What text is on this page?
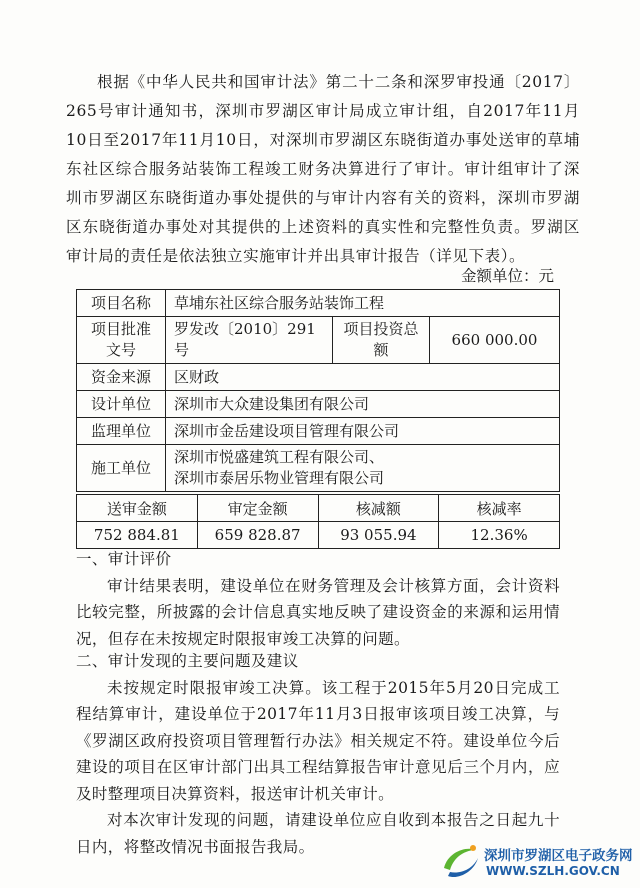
根据《中华人民共和国审计法》第二十二条和深罗审投通〔2017〕265号审计通知书，深圳市罗湖区审计局成立审计组，自2017年11月10日至2017年11月10日，对深圳市罗湖区东晓街道办事处送审的草埔东社区综合服务站装饰工程竣工财务决算进行了审计。审计组审计了深圳市罗湖区东晓街道办事处提供的与审计内容有关的资料，深圳市罗湖区东晓街道办事处对其提供的上述资料的真实性和完整性负责。罗湖区审计局的责任是依法独立实施审计并出具审计报告（详见下表）。

金额单位：元
项目名称	草埔东社区综合服务站装饰工程		
项目批准文号	罗发改〔2010〕291号	项目投资总额	660 000.00
资金来源	区财政		
设计单位	深圳市大众建设集团有限公司		
监理单位	深圳市金岳建设项目管理有限公司		
施工单位	深圳市悦盛建筑工程有限公司、
深圳市泰居乐物业管理有限公司		
送审金额	审定金额	核减额	核减率
752 884.81	659 828.87	93 055.94	12.36%

一、审计评价

审计结果表明，建设单位在财务管理及会计核算方面，会计资料比较完整，所披露的会计信息真实地反映了建设资金的来源和运用情况，但存在未按规定时限报审竣工决算的问题。

二、审计发现的主要问题及建议

未按规定时限报审竣工决算。该工程于2015年5月20日完成工程结算审计，建设单位于2017年11月3日报审该项目竣工决算，与《罗湖区政府投资项目管理暂行办法》相关规定不符。建设单位今后建设的项目在区审计部门出具工程结算报告审计意见后三个月内，应及时整理项目决算资料，报送审计机关审计。

对本次审计发现的问题，请建设单位应自收到本报告之日起九十日内，将整改情况书面报告我局。

深圳市罗湖区电子政务网
WWW.SZLH.GOV.CN
